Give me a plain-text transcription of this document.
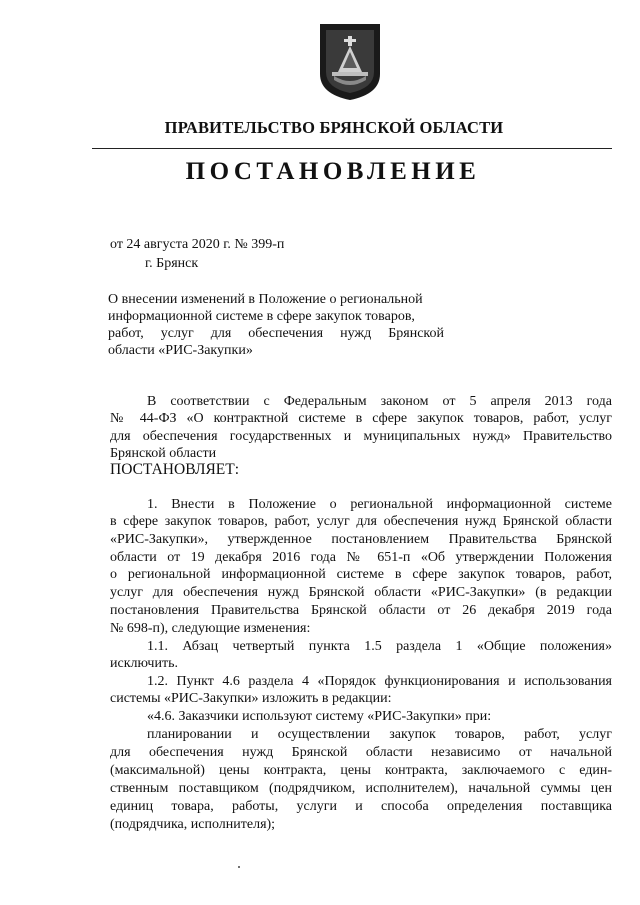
ПРАВИТЕЛЬСТВО БРЯНСКОЙ ОБЛАСТИ
ПОСТАНОВЛЕНИЕ
от 24 августа 2020 г. № 399-п
г. Брянск
О внесении изменений в Положение о региональной
информационной системе в сфере закупок товаров,
работ, услуг для обеспечения нужд Брянской
области «РИС-Закупки»
В соответствии с Федеральным законом от 5 апреля 2013 года
№ 44-ФЗ «О контрактной системе в сфере закупок товаров, работ, услуг
для обеспечения государственных и муниципальных нужд» Правительство
Брянской области
ПОСТАНОВЛЯЕТ:
1. Внести в Положение о региональной информационной системе
в сфере закупок товаров, работ, услуг для обеспечения нужд Брянской области
«РИС-Закупки», утвержденное постановлением Правительства Брянской
области от 19 декабря 2016 года № 651-п «Об утверждении Положения
о региональной информационной системе в сфере закупок товаров, работ,
услуг для обеспечения нужд Брянской области «РИС-Закупки» (в редакции
постановления Правительства Брянской области от 26 декабря 2019 года
№ 698-п), следующие изменения:
1.1. Абзац четвертый пункта 1.5 раздела 1 «Общие положения»
исключить.
1.2. Пункт 4.6 раздела 4 «Порядок функционирования и использования
системы «РИС-Закупки» изложить в редакции:
«4.6. Заказчики используют систему «РИС-Закупки» при:
планировании и осуществлении закупок товаров, работ, услуг
для обеспечения нужд Брянской области независимо от начальной
(максимальной) цены контракта, цены контракта, заключаемого с един-
ственным поставщиком (подрядчиком, исполнителем), начальной суммы цен
единиц товара, работы, услуги и способа определения поставщика
(подрядчика, исполнителя);
